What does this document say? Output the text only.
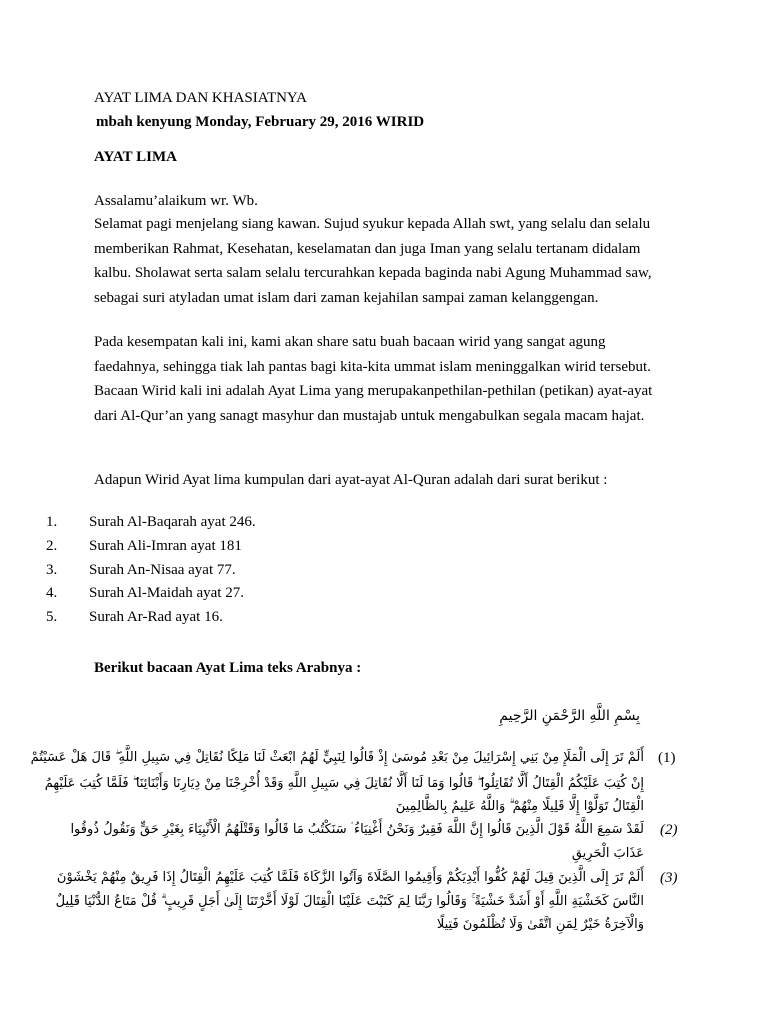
AYAT LIMA DAN KHASIATNYA
mbah kenyung Monday, February 29, 2016 WIRID
AYAT LIMA
Assalamu’alaikum wr. Wb.
Selamat pagi menjelang siang kawan. Sujud syukur kepada Allah swt, yang selalu dan selalu
memberikan Rahmat, Kesehatan, keselamatan dan juga Iman yang selalu tertanam didalam
kalbu. Sholawat serta salam selalu tercurahkan kepada baginda nabi Agung Muhammad saw,
sebagai suri atyladan umat islam dari zaman kejahilan sampai zaman kelanggengan.
Pada kesempatan kali ini, kami akan share satu buah bacaan wirid yang sangat agung
faedahnya, sehingga tiak lah pantas bagi kita-kita ummat islam meninggalkan wirid tersebut.
Bacaan Wirid kali ini adalah Ayat Lima yang merupakanpethilan-pethilan (petikan) ayat-ayat
dari Al-Qur’an yang sanagt masyhur dan mustajab untuk mengabulkan segala macam hajat.
Adapun Wirid Ayat lima kumpulan dari ayat-ayat Al-Quran adalah dari surat berikut :
1. Surah Al-Baqarah ayat 246.
2. Surah Ali-Imran ayat 181
3. Surah An-Nisaa ayat 77.
4. Surah Al-Maidah ayat 27.
5. Surah Ar-Rad ayat 16.
Berikut bacaan Ayat Lima teks Arabnya :
بِسْمِ اللَّهِ الرَّحْمَنِ الرَّحِيمِ
(1)
أَلَمْ تَرَ إِلَى الْمَلَإِ مِنْ بَنِي إِسْرَائِيلَ مِنْ بَعْدِ مُوسَىٰ إِذْ قَالُوا لِنَبِيٍّ لَهُمُ ابْعَثْ لَنَا مَلِكًا نُقَاتِلْ فِي سَبِيلِ اللَّهِ ۖ قَالَ هَلْ عَسَيْتُمْ
إِنْ كُتِبَ عَلَيْكُمُ الْقِتَالُ أَلَّا تُقَاتِلُوا ۖ قَالُوا وَمَا لَنَا أَلَّا نُقَاتِلَ فِي سَبِيلِ اللَّهِ وَقَدْ أُخْرِجْنَا مِنْ دِيَارِنَا وَأَبْنَائِنَا ۖ فَلَمَّا كُتِبَ عَلَيْهِمُ
الْقِتَالُ تَوَلَّوْا إِلَّا قَلِيلًا مِنْهُمْ ۗ وَاللَّهُ عَلِيمٌ بِالظَّالِمِينَ
(2)
لَقَدْ سَمِعَ اللَّهُ قَوْلَ الَّذِينَ قَالُوا إِنَّ اللَّهَ فَقِيرٌ وَنَحْنُ أَغْنِيَاءُ ۘ سَنَكْتُبُ مَا قَالُوا وَقَتْلَهُمُ الْأَنْبِيَاءَ بِغَيْرِ حَقٍّ وَنَقُولُ ذُوقُوا
عَذَابَ الْحَرِيقِ
(3)
أَلَمْ تَرَ إِلَى الَّذِينَ قِيلَ لَهُمْ كُفُّوا أَيْدِيَكُمْ وَأَقِيمُوا الصَّلَاةَ وَآتُوا الزَّكَاةَ فَلَمَّا كُتِبَ عَلَيْهِمُ الْقِتَالُ إِذَا فَرِيقٌ مِنْهُمْ يَخْشَوْنَ
النَّاسَ كَخَشْيَةِ اللَّهِ أَوْ أَشَدَّ خَشْيَةً ۚ وَقَالُوا رَبَّنَا لِمَ كَتَبْتَ عَلَيْنَا الْقِتَالَ لَوْلَا أَخَّرْتَنَا إِلَىٰ أَجَلٍ قَرِيبٍ ۗ قُلْ مَتَاعُ الدُّنْيَا قَلِيلٌ
وَالْآخِرَةُ خَيْرٌ لِمَنِ اتَّقَىٰ وَلَا تُظْلَمُونَ فَتِيلًا
